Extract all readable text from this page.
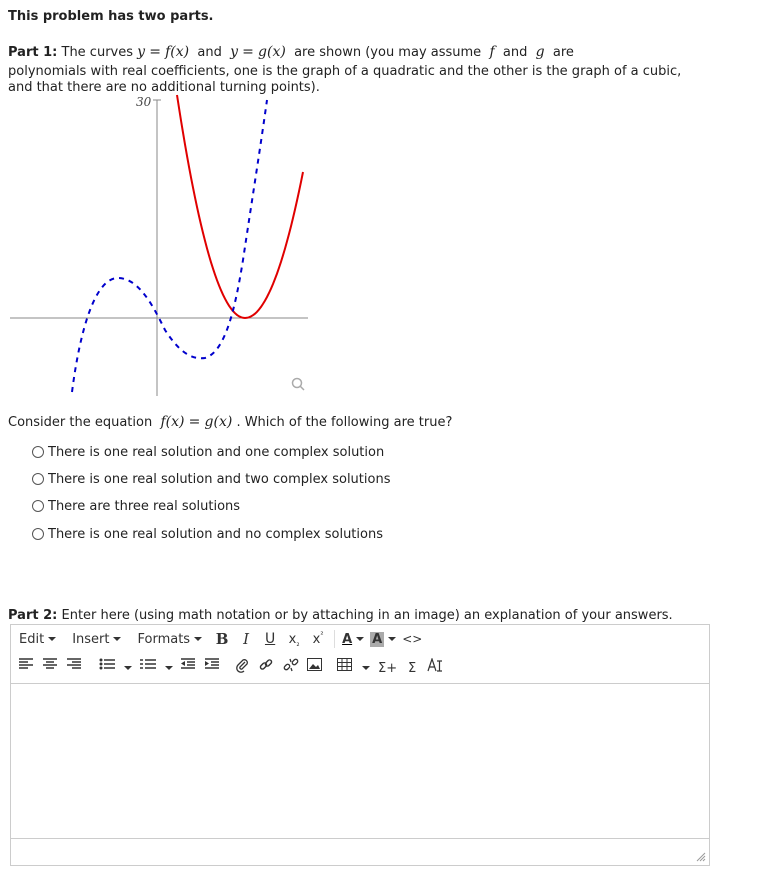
This problem has two parts.
Part 1: The curves y = f(x) and y = g(x) are shown (you may assume f and g are
polynomials with real coefficients, one is the graph of a quadratic and the other is the graph of a cubic,
and that there are no additional turning points).
30
Consider the equation f(x) = g(x) . Which of the following are true?
There is one real solution and one complex solution
There is one real solution and two complex solutions
There are three real solutions
There is one real solution and no complex solutions
Part 2: Enter here (using math notation or by attaching in an image) an explanation of your answers.
Edit Insert Formats B I	U x ₂ x ² A A <>
Σ+ Σ
